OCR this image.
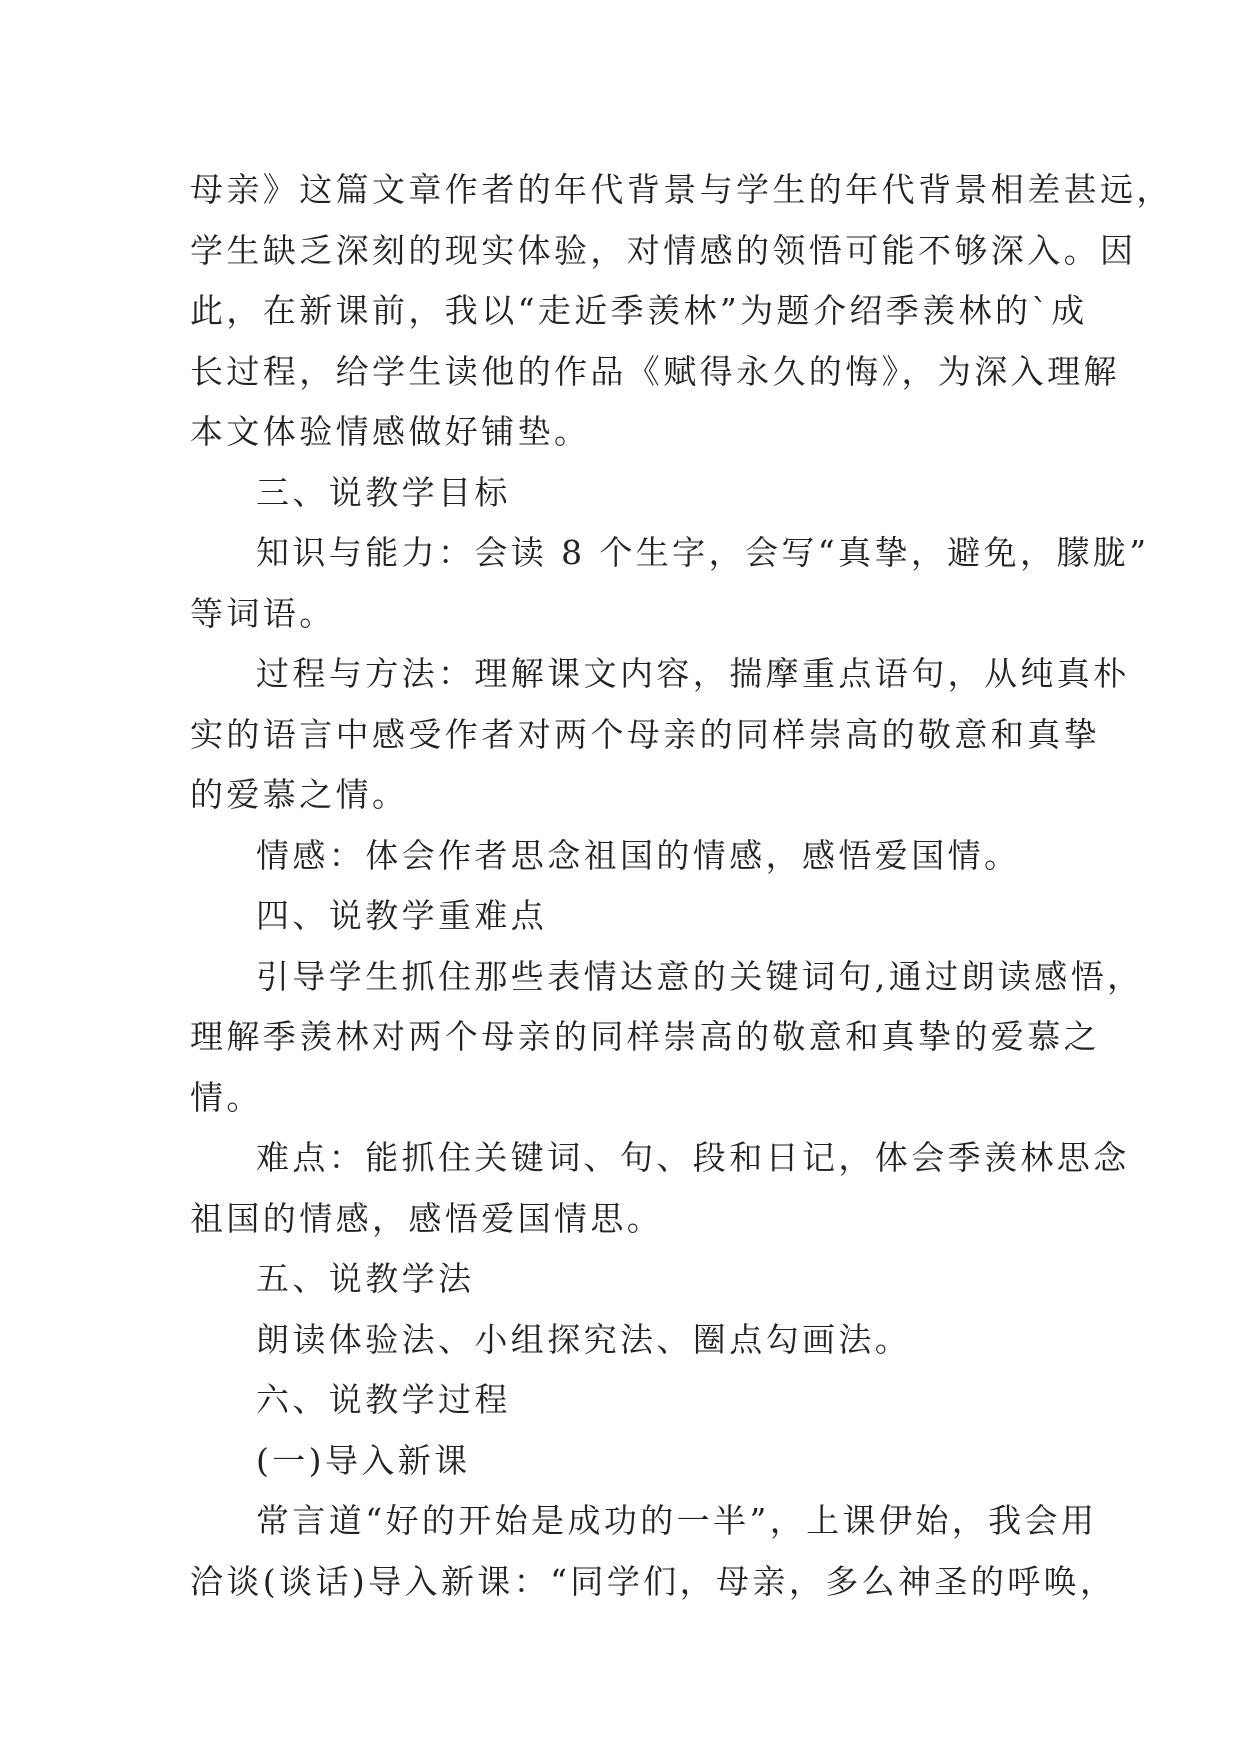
母亲》这篇文章作者的年代背景与学生的年代背景相差甚远，
学生缺乏深刻的现实体验，对情感的领悟可能不够深入。因
此，在新课前，我以“走近季羡林”为题介绍季羡林的`成
长过程，给学生读他的作品《赋得永久的悔》，为深入理解
本文体验情感做好铺垫。
三、说教学目标
知识与能力：会读 8 个生字，会写“真挚，避免，朦胧”
等词语。
过程与方法：理解课文内容，揣摩重点语句，从纯真朴
实的语言中感受作者对两个母亲的同样崇高的敬意和真挚
的爱慕之情。
情感：体会作者思念祖国的情感，感悟爱国情。
四、说教学重难点
引导学生抓住那些表情达意的关键词句,通过朗读感悟，
理解季羡林对两个母亲的同样崇高的敬意和真挚的爱慕之
情。
难点：能抓住关键词、句、段和日记，体会季羡林思念
祖国的情感，感悟爱国情思。
五、说教学法
朗读体验法、小组探究法、圈点勾画法。
六、说教学过程
(一)导入新课
常言道“好的开始是成功的一半”，上课伊始，我会用
洽谈(谈话)导入新课：“同学们，母亲，多么神圣的呼唤，
